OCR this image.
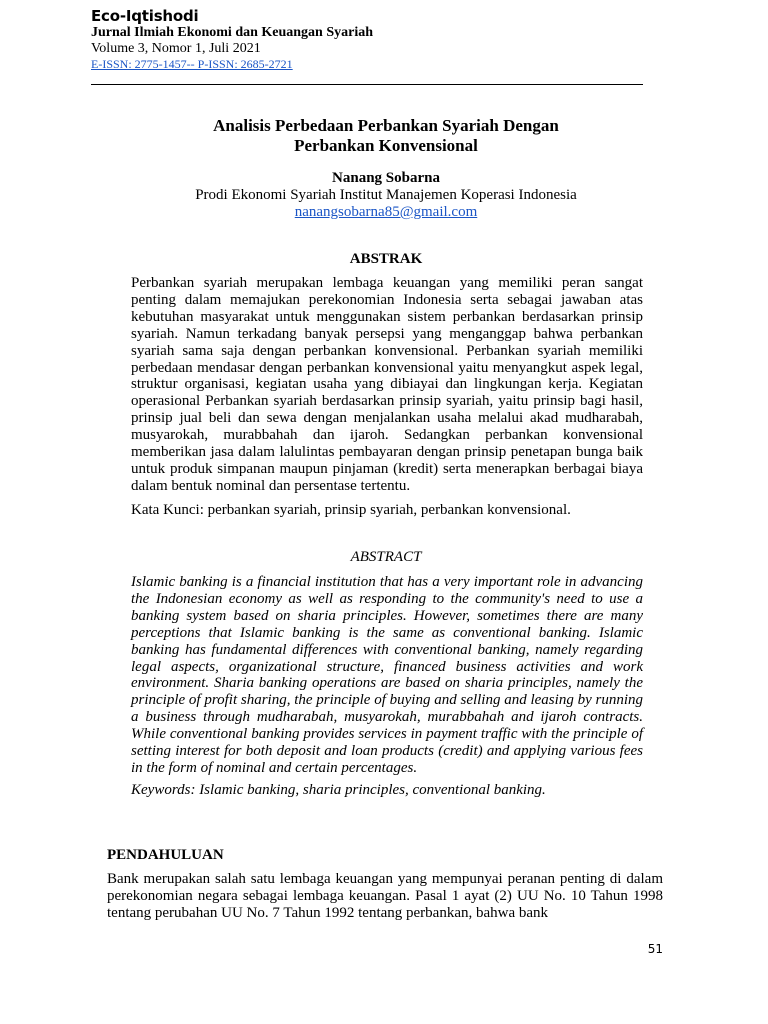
Eco-Iqtishodi
Jurnal Ilmiah Ekonomi dan Keuangan Syariah
Volume 3, Nomor 1, Juli 2021
E-ISSN: 2775-1457-- P-ISSN: 2685-2721
Analisis Perbedaan Perbankan Syariah Dengan
Perbankan Konvensional
Nanang Sobarna
Prodi Ekonomi Syariah Institut Manajemen Koperasi Indonesia
nanangsobarna85@gmail.com
ABSTRAK
Perbankan syariah merupakan lembaga keuangan yang memiliki peran sangat penting dalam memajukan perekonomian Indonesia serta sebagai jawaban atas kebutuhan masyarakat untuk menggunakan sistem perbankan berdasarkan prinsip syariah. Namun terkadang banyak persepsi yang menganggap bahwa perbankan syariah sama saja dengan perbankan konvensional. Perbankan syariah memiliki perbedaan mendasar dengan perbankan konvensional yaitu menyangkut aspek legal, struktur organisasi, kegiatan usaha yang dibiayai dan lingkungan kerja. Kegiatan operasional Perbankan syariah berdasarkan prinsip syariah, yaitu prinsip bagi hasil, prinsip jual beli dan sewa dengan menjalankan usaha melalui akad mudharabah, musyarokah, murabbahah dan ijaroh. Sedangkan perbankan konvensional memberikan jasa dalam lalulintas pembayaran dengan prinsip penetapan bunga baik untuk produk simpanan maupun pinjaman (kredit) serta menerapkan berbagai biaya dalam bentuk nominal dan persentase tertentu.
Kata Kunci: perbankan syariah, prinsip syariah, perbankan konvensional.
ABSTRACT
Islamic banking is a financial institution that has a very important role in advancing the Indonesian economy as well as responding to the community's need to use a banking system based on sharia principles. However, sometimes there are many perceptions that Islamic banking is the same as conventional banking. Islamic banking has fundamental differences with conventional banking, namely regarding legal aspects, organizational structure, financed business activities and work environment. Sharia banking operations are based on sharia principles, namely the principle of profit sharing, the principle of buying and selling and leasing by running a business through mudharabah, musyarokah, murabbahah and ijaroh contracts. While conventional banking provides services in payment traffic with the principle of setting interest for both deposit and loan products (credit) and applying various fees in the form of nominal and certain percentages.
Keywords: Islamic banking, sharia principles, conventional banking.
PENDAHULUAN
Bank merupakan salah satu lembaga keuangan yang mempunyai peranan penting di dalam perekonomian negara sebagai lembaga keuangan. Pasal 1 ayat (2) UU No. 10 Tahun 1998 tentang perubahan UU No. 7 Tahun 1992 tentang perbankan, bahwa bank
51
